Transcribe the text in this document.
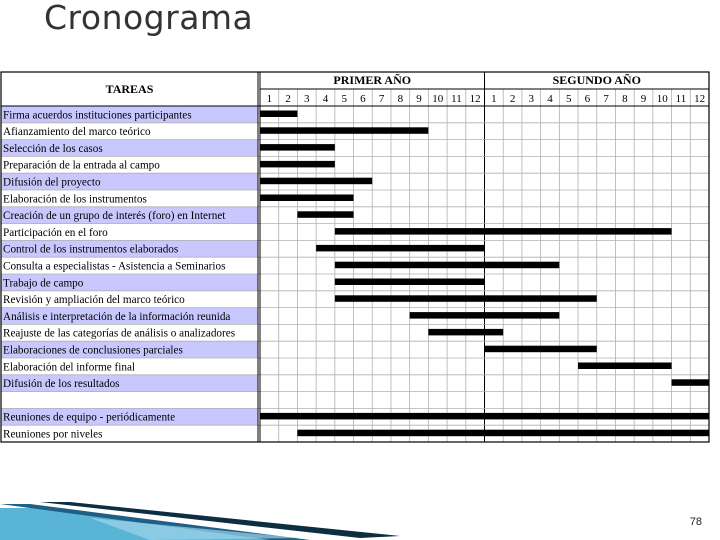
Cronograma
TAREAS
PRIMER AÑO	SEGUNDO AÑO
1 2 3 4 5 6 7 8 9 10 11 12 1 2 3 4 5 6 7 8 9 10 11 12
Firma acuerdos instituciones participantes
Afianzamiento del marco teórico
Selección de los casos
Preparación de la entrada al campo
Difusión del proyecto
Elaboración de los instrumentos
Creación de un grupo de interés (foro) en Internet
Participación en el foro
Control de los instrumentos elaborados
Consulta a especialistas - Asistencia a Seminarios
Trabajo de campo
Revisión y ampliación del marco teórico
Análisis e interpretación de la información reunida
Reajuste de las categorías de análisis o analizadores
Elaboraciones de conclusiones parciales
Elaboración del informe final
Difusión de los resultados
Reuniones de equipo - periódicamente
Reuniones por niveles
78
